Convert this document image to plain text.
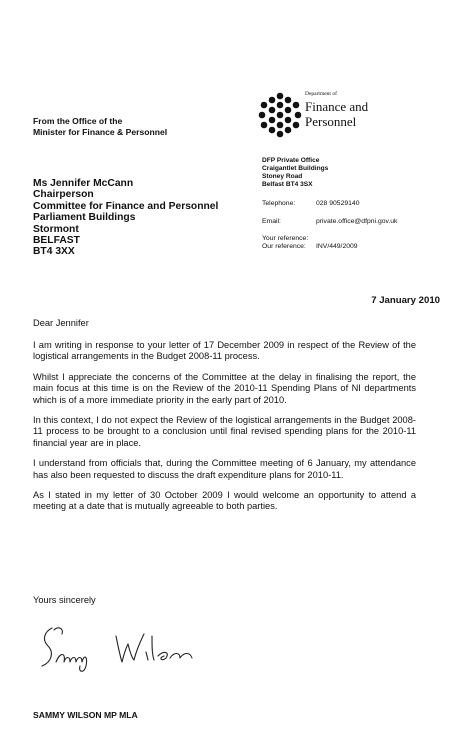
From the Office of the
Minister for Finance & Personnel
Department of
Finance and
Personnel
DFP Private Office
Craigantlet Buildings
Stoney Road
Belfast BT4 3SX
Ms Jennifer McCann
Chairperson
Committee for Finance and Personnel
Parliament Buildings
Stormont
BELFAST
BT4 3XX
Telephone:	028 90529140
Email:	private.office@dfpni.gov.uk
Your reference:
Our reference:	INV/449/2009
7 January 2010

Dear Jennifer

I am writing in response to your letter of 17 December 2009 in respect of the Review of the logistical arrangements in the Budget 2008-11 process.

Whilst I appreciate the concerns of the Committee at the delay in finalising the report, the main focus at this time is on the Review of the 2010-11 Spending Plans of NI departments which is of a more immediate priority in the early part of 2010.

In this context, I do not expect the Review of the logistical arrangements in the Budget 2008-11 process to be brought to a conclusion until final revised spending plans for the 2010-11 financial year are in place.

I understand from officials that, during the Committee meeting of 6 January, my attendance has also been requested to discuss the draft expenditure plans for 2010-11.

As I stated in my letter of 30 October 2009 I would welcome an opportunity to attend a meeting at a date that is mutually agreeable to both parties.

Yours sincerely
SAMMY WILSON MP MLA
